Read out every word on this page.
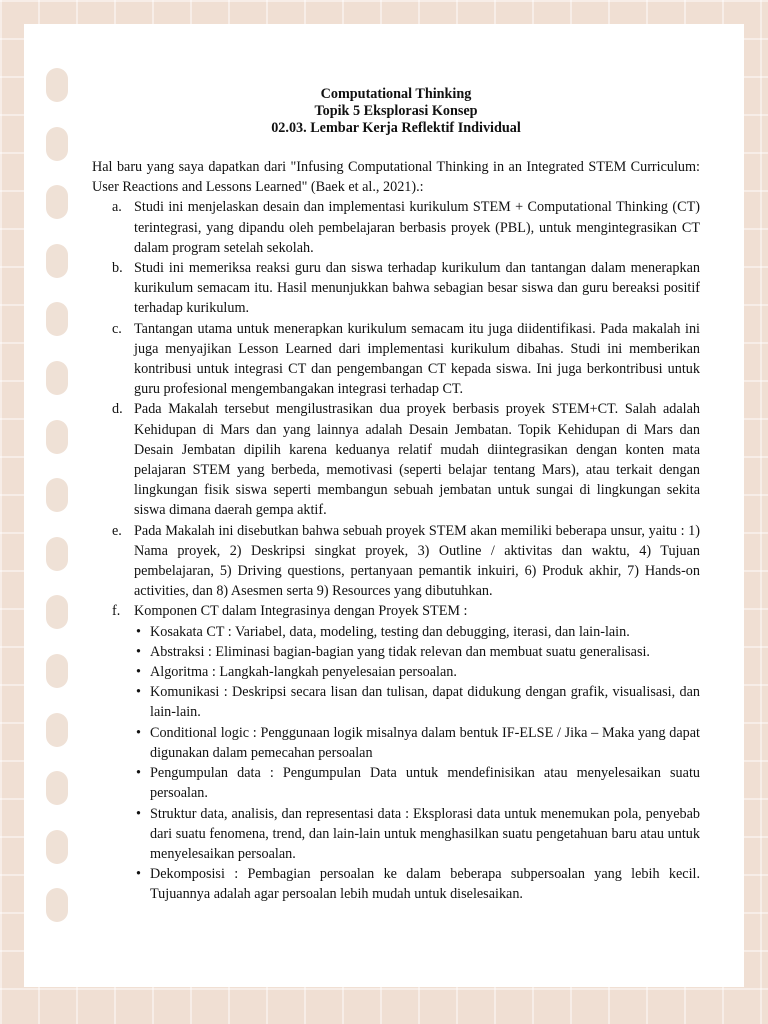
Computational Thinking
Topik 5 Eksplorasi Konsep
02.03. Lembar Kerja Reflektif Individual

Hal baru yang saya dapatkan dari "Infusing Computational Thinking in an Integrated STEM Curriculum: User Reactions and Lessons Learned" (Baek et al., 2021).:

a. Studi ini menjelaskan desain dan implementasi kurikulum STEM + Computational Thinking (CT) terintegrasi, yang dipandu oleh pembelajaran berbasis proyek (PBL), untuk mengintegrasikan CT dalam program setelah sekolah.
b. Studi ini memeriksa reaksi guru dan siswa terhadap kurikulum dan tantangan dalam menerapkan kurikulum semacam itu. Hasil menunjukkan bahwa sebagian besar siswa dan guru bereaksi positif terhadap kurikulum.
c. Tantangan utama untuk menerapkan kurikulum semacam itu juga diidentifikasi. Pada makalah ini juga menyajikan Lesson Learned dari implementasi kurikulum dibahas. Studi ini memberikan kontribusi untuk integrasi CT dan pengembangan CT kepada siswa. Ini juga berkontribusi untuk guru profesional mengembangakan integrasi terhadap CT.
d. Pada Makalah tersebut mengilustrasikan dua proyek berbasis proyek STEM+CT. Salah adalah Kehidupan di Mars dan yang lainnya adalah Desain Jembatan. Topik Kehidupan di Mars dan Desain Jembatan dipilih karena keduanya relatif mudah diintegrasikan dengan konten mata pelajaran STEM yang berbeda, memotivasi (seperti belajar tentang Mars), atau terkait dengan lingkungan fisik siswa seperti membangun sebuah jembatan untuk sungai di lingkungan sekita siswa dimana daerah gempa aktif.
e. Pada Makalah ini disebutkan bahwa sebuah proyek STEM akan memiliki beberapa unsur, yaitu : 1) Nama proyek, 2) Deskripsi singkat proyek, 3) Outline / aktivitas dan waktu, 4) Tujuan pembelajaran, 5) Driving questions, pertanyaan pemantik inkuiri, 6) Produk akhir, 7) Hands-on activities, dan 8) Asesmen serta 9) Resources yang dibutuhkan.
f. Komponen CT dalam Integrasinya dengan Proyek STEM :
• Kosakata CT : Variabel, data, modeling, testing dan debugging, iterasi, dan lain-lain.
• Abstraksi : Eliminasi bagian-bagian yang tidak relevan dan membuat suatu generalisasi.
• Algoritma : Langkah-langkah penyelesaian persoalan.
• Komunikasi : Deskripsi secara lisan dan tulisan, dapat didukung dengan grafik, visualisasi, dan lain-lain.
• Conditional logic : Penggunaan logik misalnya dalam bentuk IF-ELSE / Jika – Maka yang dapat digunakan dalam pemecahan persoalan
• Pengumpulan data : Pengumpulan Data untuk mendefinisikan atau menyelesaikan suatu persoalan.
• Struktur data, analisis, dan representasi data : Eksplorasi data untuk menemukan pola, penyebab dari suatu fenomena, trend, dan lain-lain untuk menghasilkan suatu pengetahuan baru atau untuk menyelesaikan persoalan.
• Dekomposisi : Pembagian persoalan ke dalam beberapa subpersoalan yang lebih kecil. Tujuannya adalah agar persoalan lebih mudah untuk diselesaikan.
